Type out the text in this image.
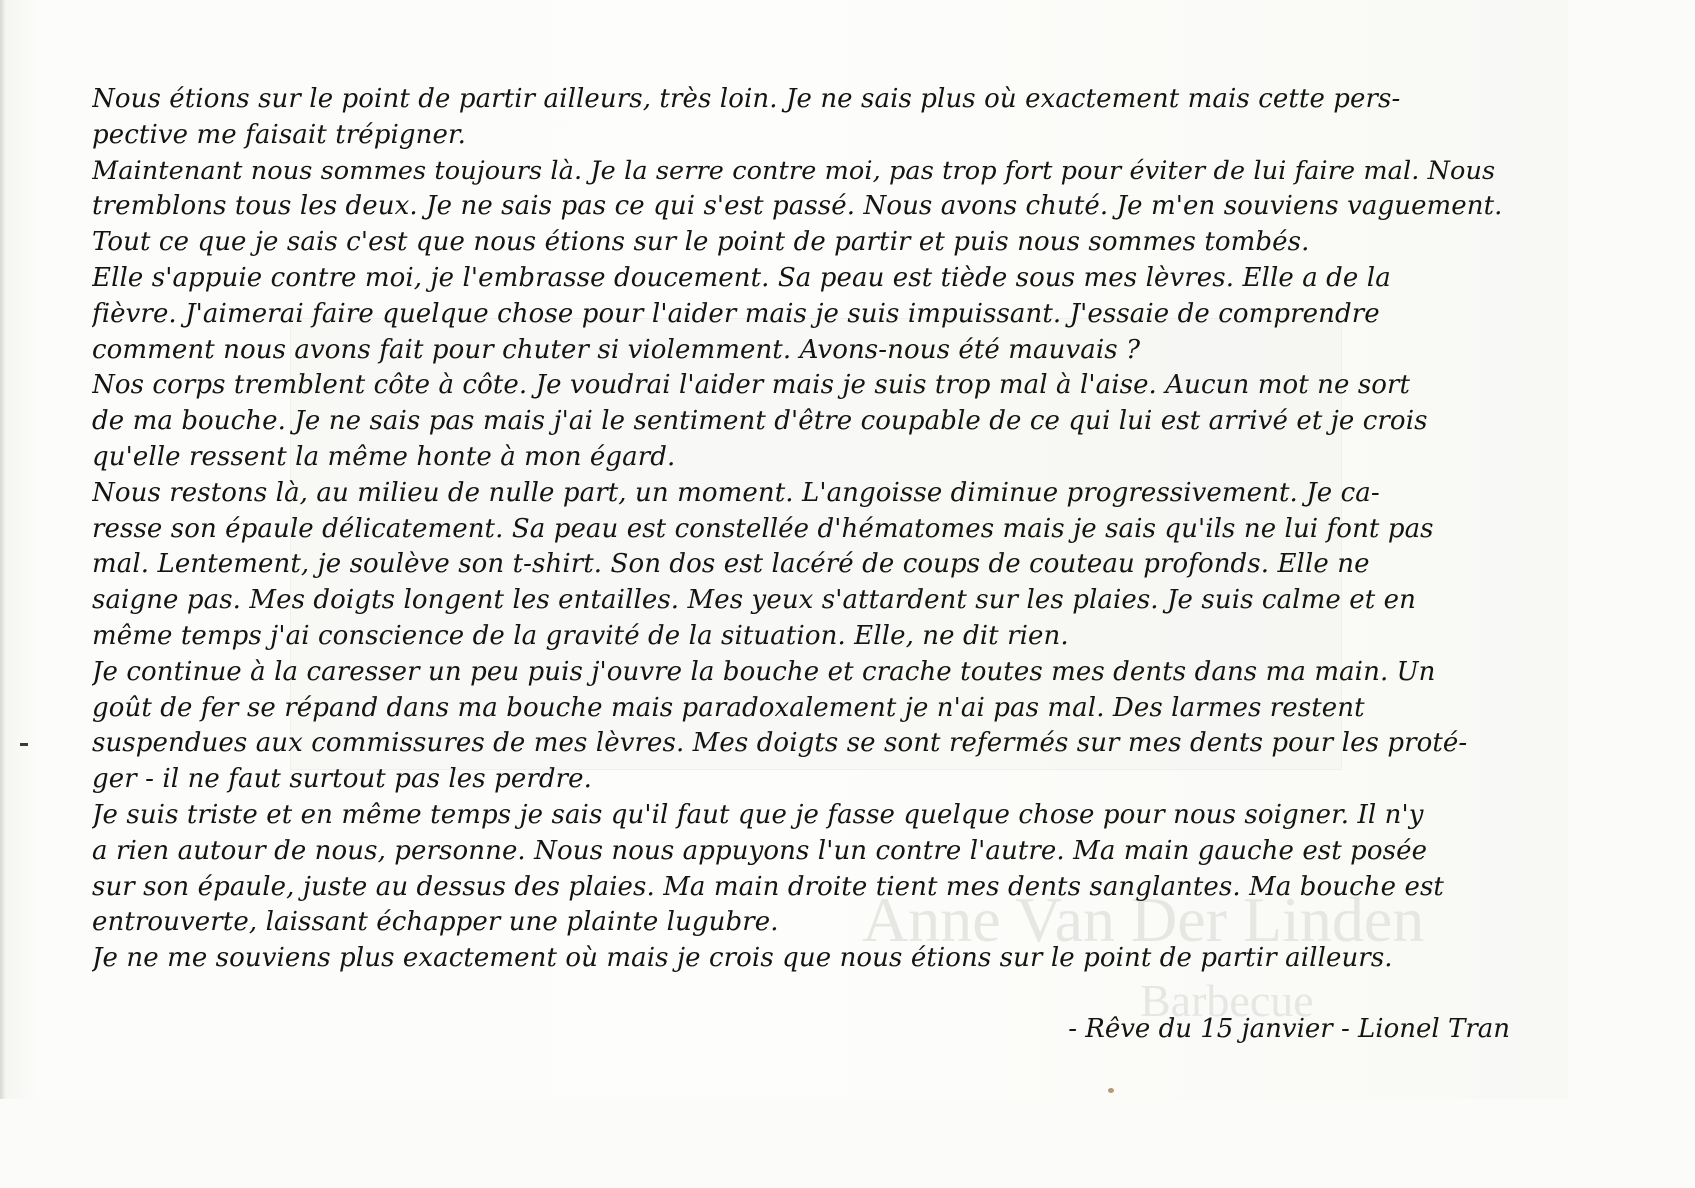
Anne Van Der Linden
Barbecue
Nous étions sur le point de partir ailleurs, très loin. Je ne sais plus où exactement mais cette pers-
pective me faisait trépigner.
Maintenant nous sommes toujours là. Je la serre contre moi, pas trop fort pour éviter de lui faire mal. Nous
tremblons tous les deux. Je ne sais pas ce qui s'est passé. Nous avons chuté. Je m'en souviens vaguement.
Tout ce que je sais c'est que nous étions sur le point de partir et puis nous sommes tombés.
Elle s'appuie contre moi, je l'embrasse doucement. Sa peau est tiède sous mes lèvres. Elle a de la
fièvre. J'aimerai faire quelque chose pour l'aider mais je suis impuissant. J'essaie de comprendre
comment nous avons fait pour chuter si violemment. Avons-nous été mauvais ?
Nos corps tremblent côte à côte. Je voudrai l'aider mais je suis trop mal à l'aise. Aucun mot ne sort
de ma bouche. Je ne sais pas mais j'ai le sentiment d'être coupable de ce qui lui est arrivé et je crois
qu'elle ressent la même honte à mon égard.
Nous restons là, au milieu de nulle part, un moment. L'angoisse diminue progressivement. Je ca-
resse son épaule délicatement. Sa peau est constellée d'hématomes mais je sais qu'ils ne lui font pas
mal. Lentement, je soulève son t-shirt. Son dos est lacéré de coups de couteau profonds. Elle ne
saigne pas. Mes doigts longent les entailles. Mes yeux s'attardent sur les plaies. Je suis calme et en
même temps j'ai conscience de la gravité de la situation. Elle, ne dit rien.
Je continue à la caresser un peu puis j'ouvre la bouche et crache toutes mes dents dans ma main. Un
goût de fer se répand dans ma bouche mais paradoxalement je n'ai pas mal. Des larmes restent
suspendues aux commissures de mes lèvres. Mes doigts se sont refermés sur mes dents pour les proté-
ger - il ne faut surtout pas les perdre.
Je suis triste et en même temps je sais qu'il faut que je fasse quelque chose pour nous soigner. Il n'y
a rien autour de nous, personne. Nous nous appuyons l'un contre l'autre. Ma main gauche est posée
sur son épaule, juste au dessus des plaies. Ma main droite tient mes dents sanglantes. Ma bouche est
entrouverte, laissant échapper une plainte lugubre.
Je ne me souviens plus exactement où mais je crois que nous étions sur le point de partir ailleurs.
- Rêve du 15 janvier - Lionel Tran
